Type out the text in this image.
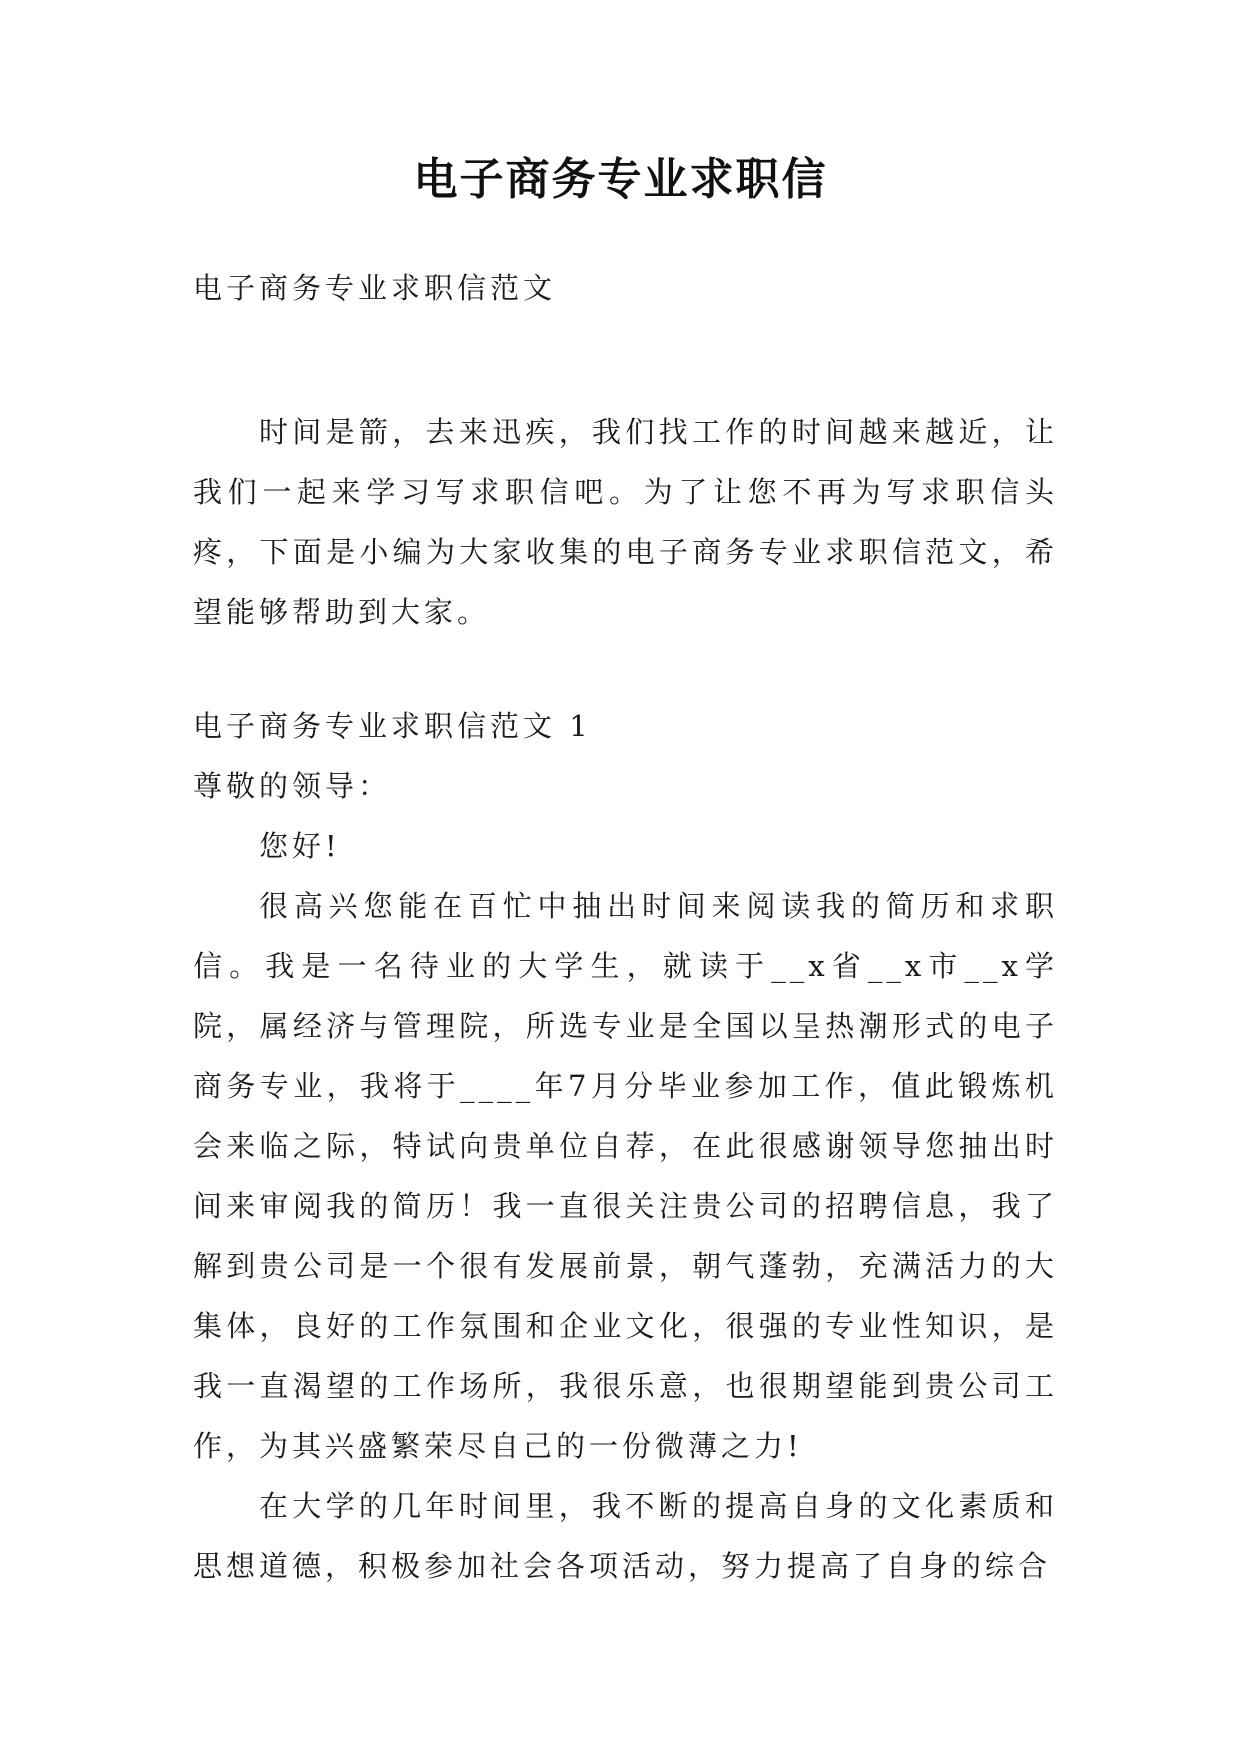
电子商务专业求职信
电子商务专业求职信范文

时间是箭，去来迅疾，我们找工作的时间越来越近，让我们一起来学习写求职信吧。为了让您不再为写求职信头疼，下面是小编为大家收集的电子商务专业求职信范文，希望能够帮助到大家。

电子商务专业求职信范文 1

尊敬的领导：

您好!

很高兴您能在百忙中抽出时间来阅读我的简历和求职信。我是一名待业的大学生，就读于__x省__x市__x学院，属经济与管理院，所选专业是全国以呈热潮形式的电子商务专业，我将于____年7月分毕业参加工作，值此锻炼机会来临之际，特试向贵单位自荐，在此很感谢领导您抽出时间来审阅我的简历！我一直很关注贵公司的招聘信息，我了解到贵公司是一个很有发展前景，朝气蓬勃，充满活力的大集体，良好的工作氛围和企业文化，很强的专业性知识，是我一直渴望的工作场所，我很乐意，也很期望能到贵公司工作，为其兴盛繁荣尽自己的一份微薄之力!

在大学的几年时间里，我不断的提高自身的文化素质和思想道德，积极参加社会各项活动，努力提高了自身的综合
